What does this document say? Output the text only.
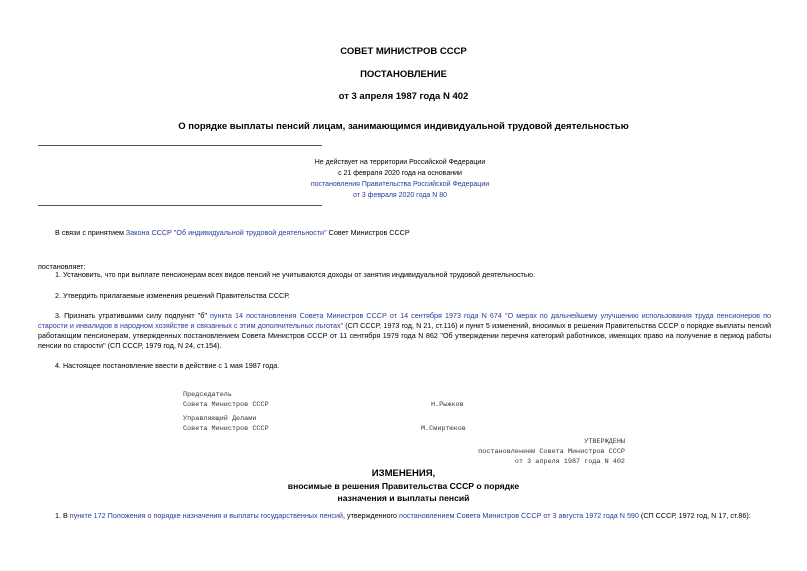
СОВЕТ МИНИСТРОВ СССР
ПОСТАНОВЛЕНИЕ
от 3 апреля 1987 года N 402
О порядке выплаты пенсий лицам, занимающимся индивидуальной трудовой деятельностью
Не действует на территории Российской Федерации
с 21 февраля 2020 года на основании
постановления Правительства Российской Федерации
от 3 февраля 2020 года N 80
В связи с принятием Закона СССР "Об индивидуальной трудовой деятельности" Совет Министров СССР
постановляет:
1. Установить, что при выплате пенсионерам всех видов пенсий не учитываются доходы от занятия индивидуальной трудовой деятельностью.
2. Утвердить прилагаемые изменения решений Правительства СССР.
3. Признать утратившими силу подпункт "б" пункта 14 постановления Совета Министров СССР от 14 сентября 1973 года N 674 "О мерах по дальнейшему улучшению использования труда пенсионеров по старости и инвалидов в народном хозяйстве и связанных с этим дополнительных льготах" (СП СССР, 1973 год, N 21, ст.116) и пункт 5 изменений, вносимых в решения Правительства СССР о порядке выплаты пенсий работающим пенсионерам, утвержденных постановлением Совета Министров СССР от 11 сентября 1979 года N 862 "Об утверждении перечня категорий работников, имеющих право на получение в период работы пенсии по старости" (СП СССР, 1979 год, N 24, ст.154).
4. Настоящее постановление ввести в действие с 1 мая 1987 года.
Председатель
Совета Министров СССР	Н.Рыжков
Управляющий Делами
Совета Министров СССР	М.Смиртюков
УТВЕРЖДЕНЫ
постановлением Совета Министров СССР
от 3 апреля 1987 года N 402
ИЗМЕНЕНИЯ,
вносимые в решения Правительства СССР о порядке
назначения и выплаты пенсий
1. В пункте 172 Положения о порядке назначения и выплаты государственных пенсий, утвержденного постановлением Совета Министров СССР от 3 августа 1972 года N 590 (СП СССР, 1972 год, N 17, ст.86):
